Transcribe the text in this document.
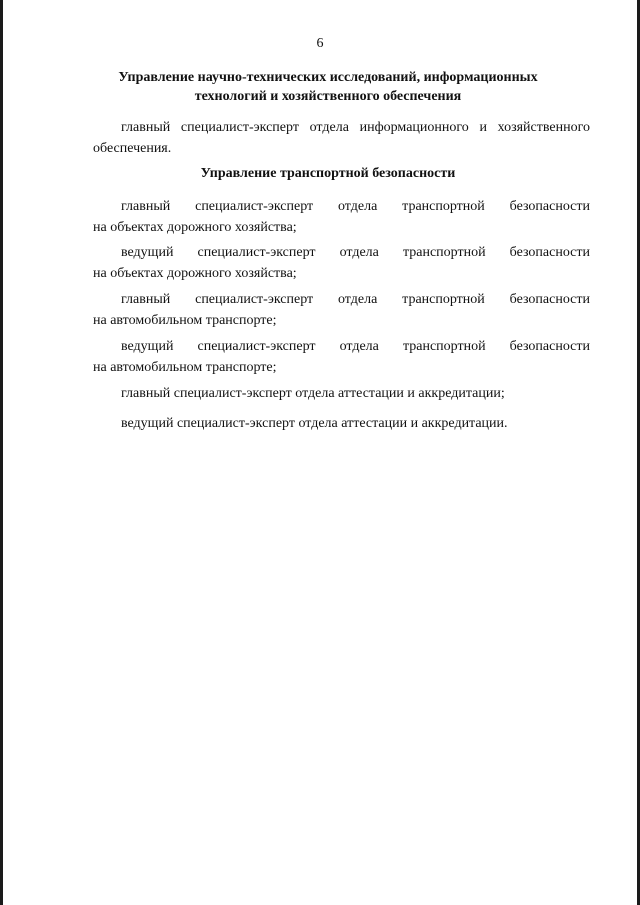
6
Управление научно-технических исследований, информационных
технологий и хозяйственного обеспечения
главный специалист-эксперт отдела информационного и хозяйственного
обеспечения.
Управление транспортной безопасности
главный специалист-эксперт отдела транспортной безопасности
на объектах дорожного хозяйства;
ведущий специалист-эксперт отдела транспортной безопасности
на объектах дорожного хозяйства;
главный специалист-эксперт отдела транспортной безопасности
на автомобильном транспорте;
ведущий специалист-эксперт отдела транспортной безопасности
на автомобильном транспорте;
главный специалист-эксперт отдела аттестации и аккредитации;
ведущий специалист-эксперт отдела аттестации и аккредитации.
